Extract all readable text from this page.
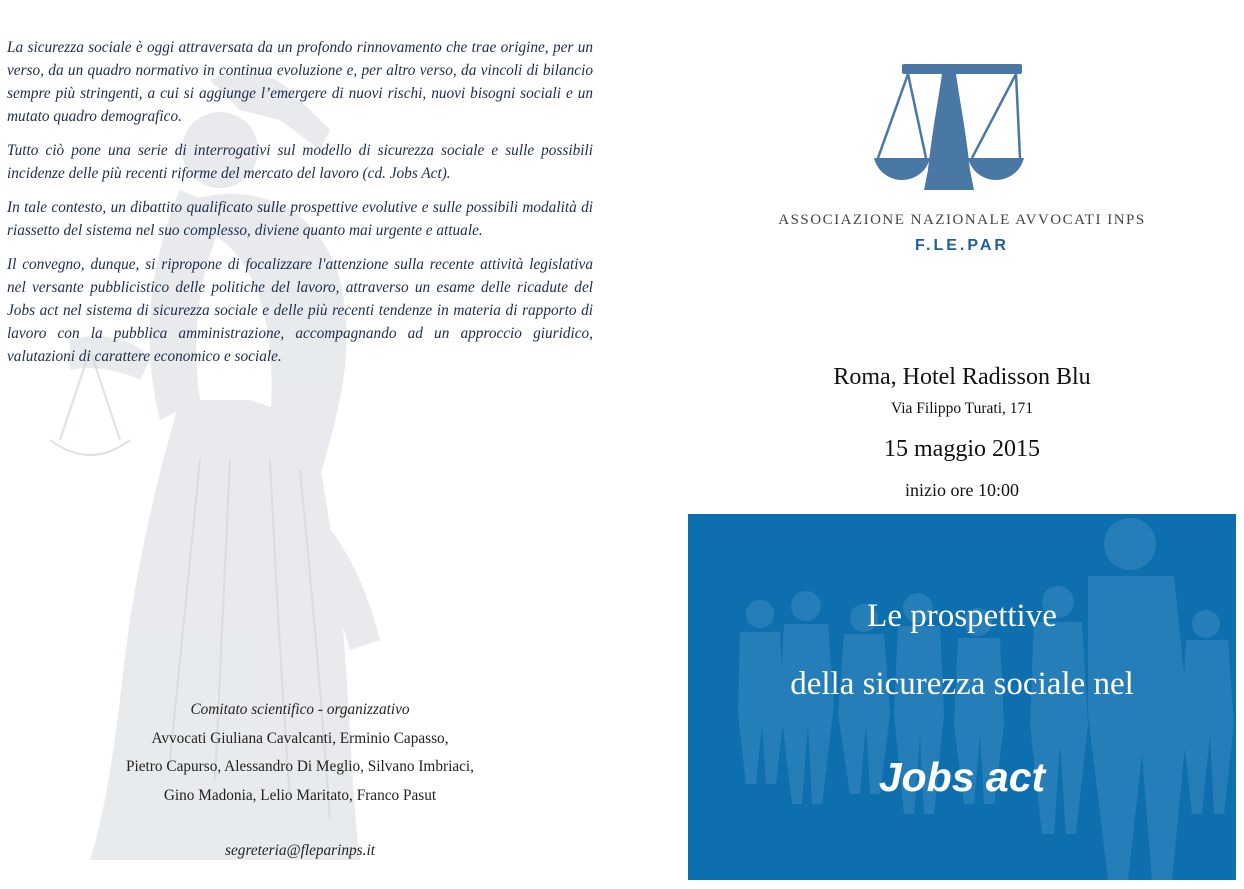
La sicurezza sociale è oggi attraversata da un profondo rinnovamento che trae origine, per un verso, da un quadro normativo in continua evoluzione e, per altro verso, da vincoli di bilancio sempre più stringenti, a cui si aggiunge l’emergere di nuovi rischi, nuovi bisogni sociali e un mutato quadro demografico.

Tutto ciò pone una serie di interrogativi sul modello di sicurezza sociale e sulle possibili incidenze delle più recenti riforme del mercato del lavoro (cd. Jobs Act).

In tale contesto, un dibattito qualificato sulle prospettive evolutive e sulle possibili modalità di riassetto del sistema nel suo complesso, diviene quanto mai urgente e attuale.

Il convegno, dunque, si ripropone di focalizzare l'attenzione sulla recente attività legislativa nel versante pubblicistico delle politiche del lavoro, attraverso un esame delle ricadute del Jobs act nel sistema di sicurezza sociale e delle più recenti tendenze in materia di rapporto di lavoro con la pubblica amministrazione, accompagnando ad un approccio giuridico, valutazioni di carattere economico e sociale.

Comitato scientifico - organizzativo
Avvocati Giuliana Cavalcanti, Erminio Capasso,
Pietro Capurso, Alessandro Di Meglio, Silvano Imbriaci,
Gino Madonia, Lelio Maritato, Franco Pasut
segreteria@fleparinps.it
ASSOCIAZIONE NAZIONALE AVVOCATI INPS
F.LE.PAR
Roma, Hotel Radisson Blu
Via Filippo Turati, 171
15 maggio 2015
inizio ore 10:00
Le prospettive
della sicurezza sociale nel
Jobs act
